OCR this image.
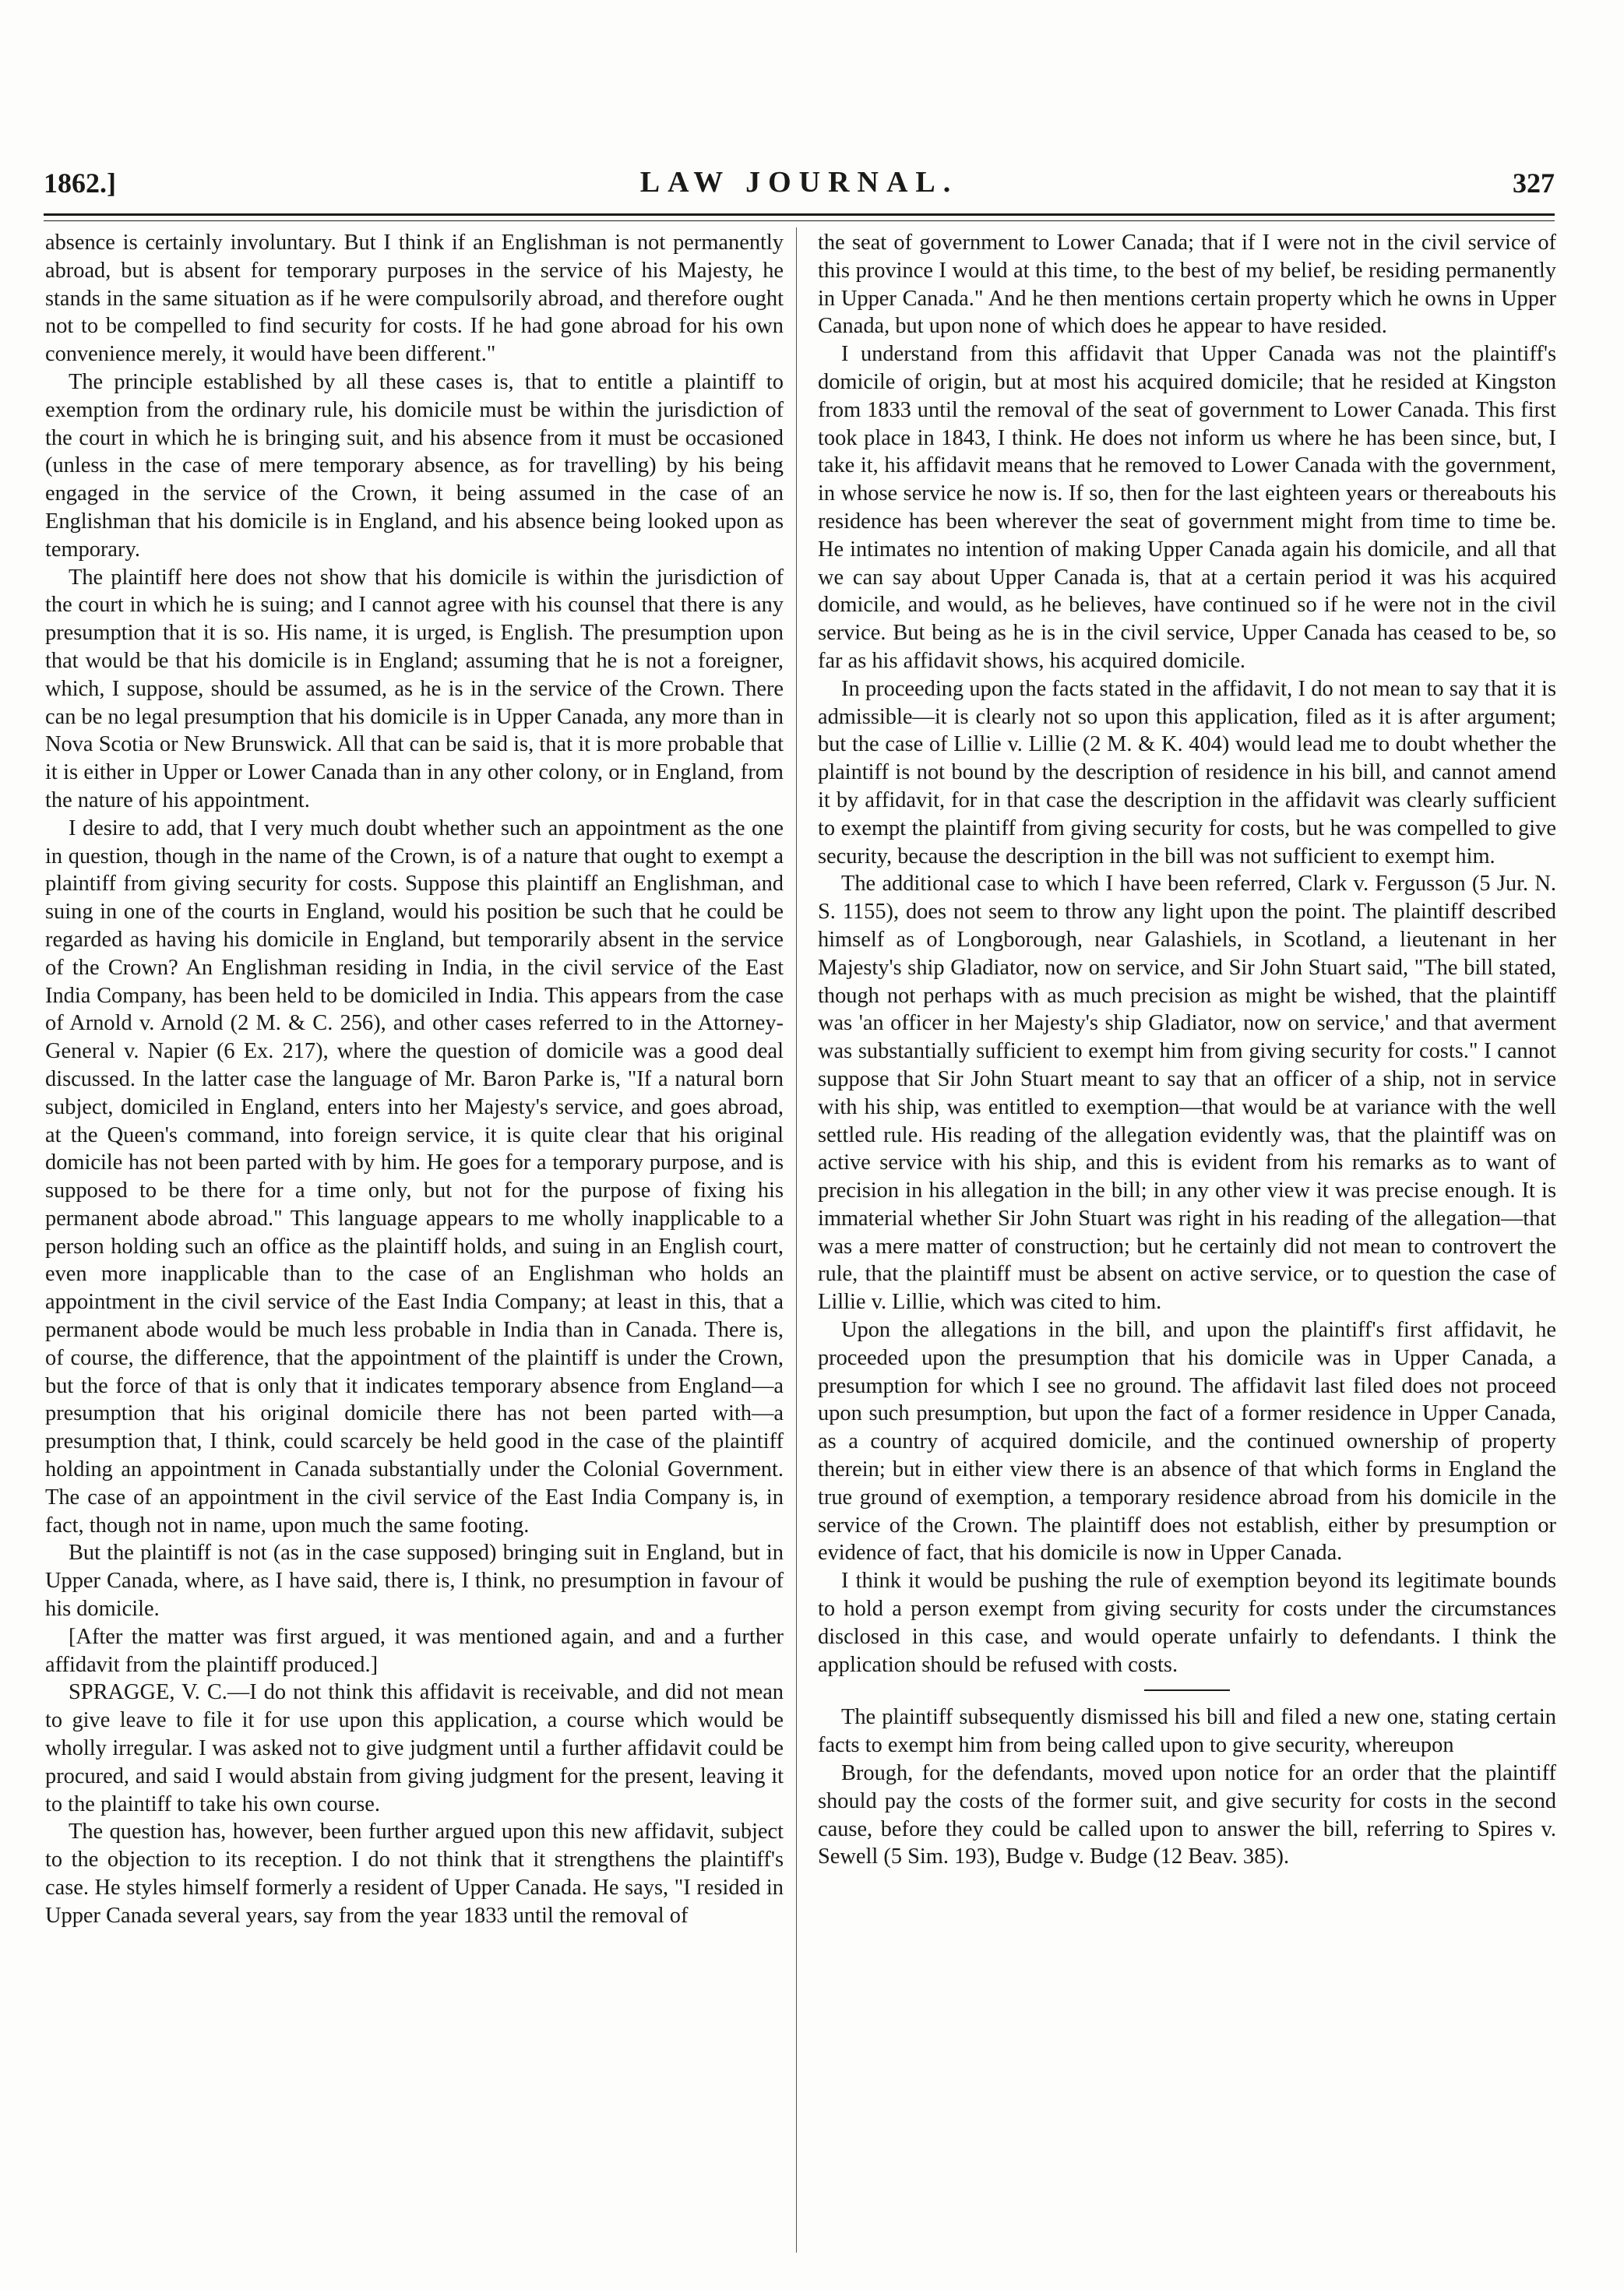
1862.]	LAW JOURNAL.	327

absence is certainly involuntary. But I think if an Englishman is not permanently abroad, but is absent for temporary purposes in the service of his Majesty, he stands in the same situation as if he were compulsorily abroad, and therefore ought not to be compelled to find security for costs. If he had gone abroad for his own convenience merely, it would have been different."

The principle established by all these cases is, that to entitle a plaintiff to exemption from the ordinary rule, his domicile must be within the jurisdiction of the court in which he is bringing suit, and his absence from it must be occasioned (unless in the case of mere temporary absence, as for travelling) by his being engaged in the service of the Crown, it being assumed in the case of an Englishman that his domicile is in England, and his absence being looked upon as temporary.

The plaintiff here does not show that his domicile is within the jurisdiction of the court in which he is suing; and I cannot agree with his counsel that there is any presumption that it is so. His name, it is urged, is English. The presumption upon that would be that his domicile is in England; assuming that he is not a foreigner, which, I suppose, should be assumed, as he is in the service of the Crown. There can be no legal presumption that his domicile is in Upper Canada, any more than in Nova Scotia or New Brunswick. All that can be said is, that it is more probable that it is either in Upper or Lower Canada than in any other colony, or in England, from the nature of his appointment.

I desire to add, that I very much doubt whether such an appointment as the one in question, though in the name of the Crown, is of a nature that ought to exempt a plaintiff from giving security for costs. Suppose this plaintiff an Englishman, and suing in one of the courts in England, would his position be such that he could be regarded as having his domicile in England, but temporarily absent in the service of the Crown? An Englishman residing in India, in the civil service of the East India Company, has been held to be domiciled in India. This appears from the case of Arnold v. Arnold (2 M. & C. 256), and other cases referred to in the Attorney-General v. Napier (6 Ex. 217), where the question of domicile was a good deal discussed. In the latter case the language of Mr. Baron Parke is, "If a natural born subject, domiciled in England, enters into her Majesty's service, and goes abroad, at the Queen's command, into foreign service, it is quite clear that his original domicile has not been parted with by him. He goes for a temporary purpose, and is supposed to be there for a time only, but not for the purpose of fixing his permanent abode abroad." This language appears to me wholly inapplicable to a person holding such an office as the plaintiff holds, and suing in an English court, even more inapplicable than to the case of an Englishman who holds an appointment in the civil service of the East India Company; at least in this, that a permanent abode would be much less probable in India than in Canada. There is, of course, the difference, that the appointment of the plaintiff is under the Crown, but the force of that is only that it indicates temporary absence from England—a presumption that his original domicile there has not been parted with—a presumption that, I think, could scarcely be held good in the case of the plaintiff holding an appointment in Canada substantially under the Colonial Government. The case of an appointment in the civil service of the East India Company is, in fact, though not in name, upon much the same footing.

But the plaintiff is not (as in the case supposed) bringing suit in England, but in Upper Canada, where, as I have said, there is, I think, no presumption in favour of his domicile.

[After the matter was first argued, it was mentioned again, and and a further affidavit from the plaintiff produced.]

SPRAGGE, V. C.—I do not think this affidavit is receivable, and did not mean to give leave to file it for use upon this application, a course which would be wholly irregular. I was asked not to give judgment until a further affidavit could be procured, and said I would abstain from giving judgment for the present, leaving it to the plaintiff to take his own course.

The question has, however, been further argued upon this new affidavit, subject to the objection to its reception. I do not think that it strengthens the plaintiff's case. He styles himself formerly a resident of Upper Canada. He says, "I resided in Upper Canada several years, say from the year 1833 until the removal of

the seat of government to Lower Canada; that if I were not in the civil service of this province I would at this time, to the best of my belief, be residing permanently in Upper Canada." And he then mentions certain property which he owns in Upper Canada, but upon none of which does he appear to have resided.

I understand from this affidavit that Upper Canada was not the plaintiff's domicile of origin, but at most his acquired domicile; that he resided at Kingston from 1833 until the removal of the seat of government to Lower Canada. This first took place in 1843, I think. He does not inform us where he has been since, but, I take it, his affidavit means that he removed to Lower Canada with the government, in whose service he now is. If so, then for the last eighteen years or thereabouts his residence has been wherever the seat of government might from time to time be. He intimates no intention of making Upper Canada again his domicile, and all that we can say about Upper Canada is, that at a certain period it was his acquired domicile, and would, as he believes, have continued so if he were not in the civil service. But being as he is in the civil service, Upper Canada has ceased to be, so far as his affidavit shows, his acquired domicile.

In proceeding upon the facts stated in the affidavit, I do not mean to say that it is admissible—it is clearly not so upon this application, filed as it is after argument; but the case of Lillie v. Lillie (2 M. & K. 404) would lead me to doubt whether the plaintiff is not bound by the description of residence in his bill, and cannot amend it by affidavit, for in that case the description in the affidavit was clearly sufficient to exempt the plaintiff from giving security for costs, but he was compelled to give security, because the description in the bill was not sufficient to exempt him.

The additional case to which I have been referred, Clark v. Fergusson (5 Jur. N. S. 1155), does not seem to throw any light upon the point. The plaintiff described himself as of Longborough, near Galashiels, in Scotland, a lieutenant in her Majesty's ship Gladiator, now on service, and Sir John Stuart said, "The bill stated, though not perhaps with as much precision as might be wished, that the plaintiff was 'an officer in her Majesty's ship Gladiator, now on service,' and that averment was substantially sufficient to exempt him from giving security for costs." I cannot suppose that Sir John Stuart meant to say that an officer of a ship, not in service with his ship, was entitled to exemption—that would be at variance with the well settled rule. His reading of the allegation evidently was, that the plaintiff was on active service with his ship, and this is evident from his remarks as to want of precision in his allegation in the bill; in any other view it was precise enough. It is immaterial whether Sir John Stuart was right in his reading of the allegation—that was a mere matter of construction; but he certainly did not mean to controvert the rule, that the plaintiff must be absent on active service, or to question the case of Lillie v. Lillie, which was cited to him.

Upon the allegations in the bill, and upon the plaintiff's first affidavit, he proceeded upon the presumption that his domicile was in Upper Canada, a presumption for which I see no ground. The affidavit last filed does not proceed upon such presumption, but upon the fact of a former residence in Upper Canada, as a country of acquired domicile, and the continued ownership of property therein; but in either view there is an absence of that which forms in England the true ground of exemption, a temporary residence abroad from his domicile in the service of the Crown. The plaintiff does not establish, either by presumption or evidence of fact, that his domicile is now in Upper Canada.

I think it would be pushing the rule of exemption beyond its legitimate bounds to hold a person exempt from giving security for costs under the circumstances disclosed in this case, and would operate unfairly to defendants. I think the application should be refused with costs.

The plaintiff subsequently dismissed his bill and filed a new one, stating certain facts to exempt him from being called upon to give security, whereupon

Brough, for the defendants, moved upon notice for an order that the plaintiff should pay the costs of the former suit, and give security for costs in the second cause, before they could be called upon to answer the bill, referring to Spires v. Sewell (5 Sim. 193), Budge v. Budge (12 Beav. 385).
